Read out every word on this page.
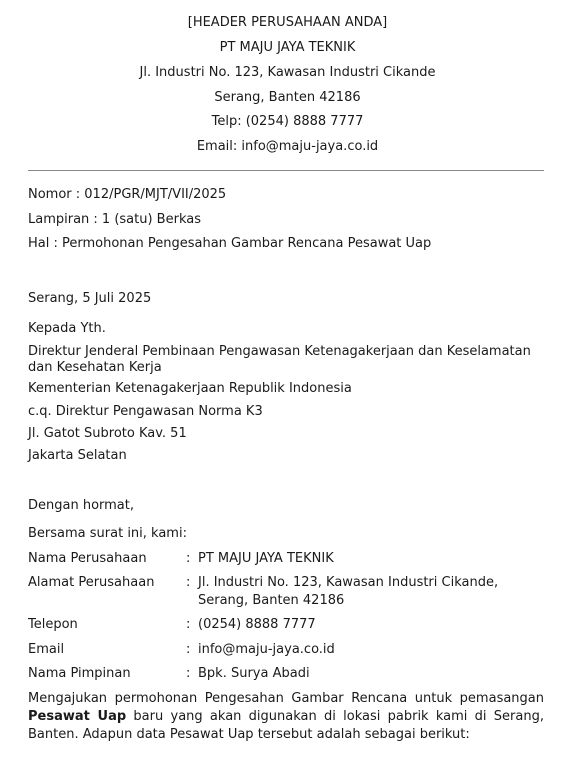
[HEADER PERUSAHAAN ANDA]
PT MAJU JAYA TEKNIK
Jl. Industri No. 123, Kawasan Industri Cikande
Serang, Banten 42186
Telp: (0254) 8888 7777
Email: info@maju-jaya.co.id
Nomor : 012/PGR/MJT/VII/2025
Lampiran : 1 (satu) Berkas
Hal : Permohonan Pengesahan Gambar Rencana Pesawat Uap
Serang, 5 Juli 2025
Kepada Yth.
Direktur Jenderal Pembinaan Pengawasan Ketenagakerjaan dan Keselamatan dan Kesehatan Kerja
Kementerian Ketenagakerjaan Republik Indonesia
c.q. Direktur Pengawasan Norma K3
Jl. Gatot Subroto Kav. 51
Jakarta Selatan
Dengan hormat,
Bersama surat ini, kami:
Nama Perusahaan	: PT MAJU JAYA TEKNIK
Alamat Perusahaan : Jl. Industri No. 123, Kawasan Industri Cikande,
Serang, Banten 42186
Telepon	: (0254) 8888 7777
Email	: info@maju-jaya.co.id
Nama Pimpinan	: Bpk. Surya Abadi
Mengajukan permohonan Pengesahan Gambar Rencana untuk pemasangan Pesawat Uap baru yang akan digunakan di lokasi pabrik kami di Serang, Banten. Adapun data Pesawat Uap tersebut adalah sebagai berikut:
